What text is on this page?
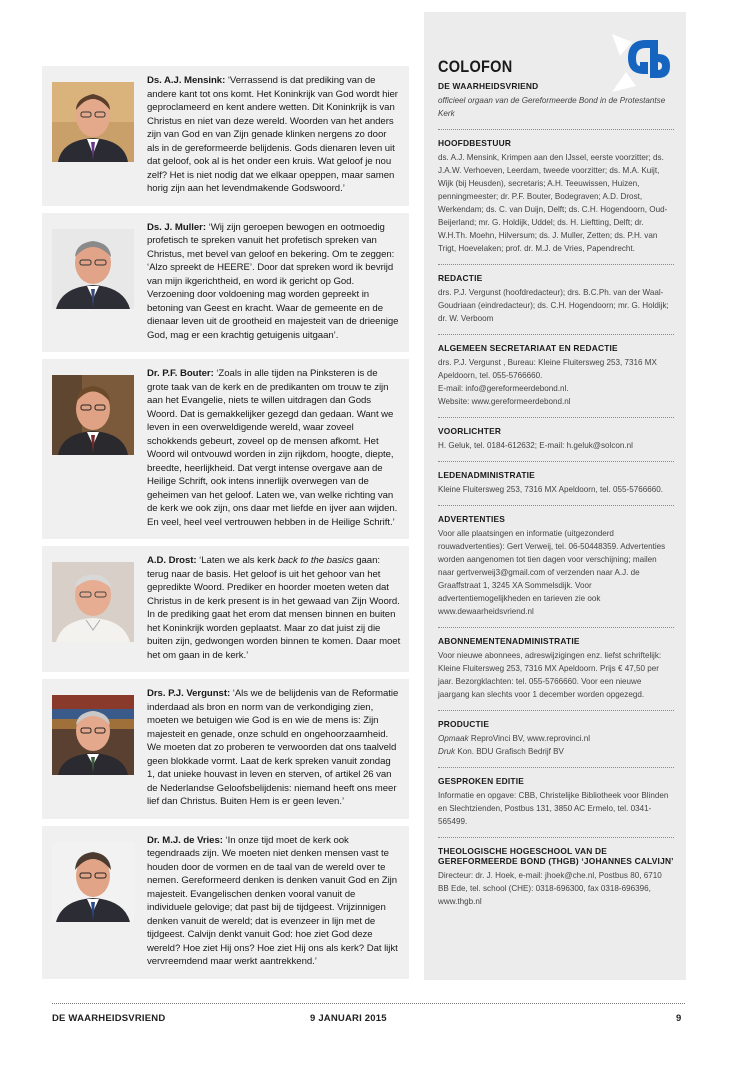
Ds. A.J. Mensink: ‘Verrassend is dat prediking van de andere kant tot ons komt. Het Koninkrijk van God wordt hier geproclameerd en kent andere wetten. Dit Koninkrijk is van Christus en niet van deze wereld. Woorden van het anders zijn van God en van Zijn genade klinken nergens zo door als in de gereformeerde belijdenis. Gods dienaren leven uit dat geloof, ook al is het onder een kruis. Wat geloof je nou zelf? Het is niet nodig dat we elkaar opeppen, maar samen horig zijn aan het levendmakende Godswoord.’
Ds. J. Muller: ‘Wij zijn geroepen bewogen en ootmoedig profetisch te spreken vanuit het profetisch spreken van Christus, met bevel van geloof en bekering. Om te zeggen: ‘Alzo spreekt de HEERE’. Door dat spreken word ik bevrijd van mijn ikgerichtheid, en word ik gericht op God. Verzoening door voldoening mag worden gepreekt in betoning van Geest en kracht. Waar de gemeente en de dienaar leven uit de grootheid en majesteit van de drieenige God, mag er een krachtig getuigenis uitgaan’.
Dr. P.F. Bouter: ‘Zoals in alle tijden na Pinksteren is de grote taak van de kerk en de predikanten om trouw te zijn aan het Evangelie, niets te willen uitdragen dan Gods Woord. Dat is gemakkelijker gezegd dan gedaan. Want we leven in een overweldigende wereld, waar zoveel schokkends gebeurt, zoveel op de mensen afkomt. Het Woord wil ontvouwd worden in zijn rijkdom, hoogte, diepte, breedte, heerlijkheid. Dat vergt intense overgave aan de Heilige Schrift, ook intens innerlijk overwegen van de geheimen van het geloof. Laten we, van welke richting van de kerk we ook zijn, ons daar met liefde en ijver aan wijden. En veel, heel veel vertrouwen hebben in de Heilige Schrift.’
A.D. Drost: ‘Laten we als kerk back to the basics gaan: terug naar de basis. Het geloof is uit het gehoor van het gepredikte Woord. Prediker en hoorder moeten weten dat Christus in de kerk present is in het gewaad van Zijn Woord. In de prediking gaat het erom dat mensen binnen en buiten het Koninkrijk worden geplaatst. Maar zo dat juist zij die buiten zijn, gedwongen worden binnen te komen. Daar moet het om gaan in de kerk.’
Drs. P.J. Vergunst: ‘Als we de belijdenis van de Reformatie inderdaad als bron en norm van de verkondiging zien, moeten we betuigen wie God is en wie de mens is: Zijn majesteit en genade, onze schuld en ongehoorzaamheid. We moeten dat zo proberen te verwoorden dat ons taalveld geen blokkade vormt. Laat de kerk spreken vanuit zondag 1, dat unieke houvast in leven en sterven, of artikel 26 van de Nederlandse Geloofsbelijdenis: niemand heeft ons meer lief dan Christus. Buiten Hem is er geen leven.’
Dr. M.J. de Vries: ‘In onze tijd moet de kerk ook tegendraads zijn. We moeten niet denken mensen vast te houden door de vormen en de taal van de wereld over te nemen. Gereformeerd denken is denken vanuit God en Zijn majesteit. Evangelischen denken vooral vanuit de individuele gelovige; dat past bij de tijdgeest. Vrijzinnigen denken vanuit de wereld; dat is evenzeer in lijn met de tijdgeest. Calvijn denkt vanuit God: hoe ziet God deze wereld? Hoe ziet Hij ons? Hoe ziet Hij ons als kerk? Dat lijkt vervreemdend maar werkt aantrekkend.’
COLOFON
DE WAARHEIDSVRIEND

officieel orgaan van de Gereformeerde Bond in de Protestantse Kerk

HOOFDBESTUUR

ds. A.J. Mensink, Krimpen aan den IJssel, eerste voorzitter; ds. J.A.W. Verhoeven, Leerdam, tweede voorzitter; ds. M.A. Kuijt, Wijk (bij Heusden), secretaris; A.H. Teeuwissen, Huizen, penningmeester; dr. P.F. Bouter, Bodegraven; A.D. Drost, Werkendam; ds. C. van Duijn, Delft; ds. C.H. Hogendoorn, Oud-Beijerland; mr. G. Holdijk, Uddel; ds. H. Lieftting, Delft; dr. W.H.Th. Moehn, Hilversum; ds. J. Muller, Zetten; ds. P.H. van Trigt, Hoevelaken; prof. dr. M.J. de Vries, Papendrecht.

REDACTIE

drs. P.J. Vergunst (hoofdredacteur); drs. B.C.Ph. van der Waal-Goudriaan (eindredacteur); ds. C.H. Hogendoorn; mr. G. Holdijk; dr. W. Verboom

ALGEMEEN SECRETARIAAT EN REDACTIE

drs. P.J. Vergunst , Bureau: Kleine Fluitersweg 253, 7316 MX Apeldoorn, tel. 055-5766660.

E-mail: info@gereformeerdebond.nl.

Website: www.gereformeerdebond.nl

VOORLICHTER

H. Geluk, tel. 0184-612632; E-mail: h.geluk@solcon.nl

LEDENADMINISTRATIE

Kleine Fluitersweg 253, 7316 MX Apeldoorn, tel. 055-5766660.

ADVERTENTIES

Voor alle plaatsingen en informatie (uitgezonderd rouwadvertenties): Gert Verweij, tel. 06-50448359. Advertenties worden aangenomen tot tien dagen voor verschijning; mailen naar gertverweij3@gmail.com of verzenden naar A.J. de Graaffstraat 1, 3245 XA Sommelsdijk. Voor advertentiemogelijkheden en tarieven zie ook www.dewaarheidsvriend.nl

ABONNEMENTENADMINISTRATIE

Voor nieuwe abonnees, adreswijzigingen enz. liefst schriftelijk: Kleine Fluitersweg 253, 7316 MX Apeldoorn. Prijs € 47,50 per jaar. Bezorgklachten: tel. 055-5766660. Voor een nieuwe jaargang kan slechts voor 1 december worden opgezegd.

PRODUCTIE

Opmaak ReproVinci BV, www.reprovinci.nl

Druk Kon. BDU Grafisch Bedrijf BV

GESPROKEN EDITIE

Informatie en opgave: CBB, Christelijke Bibliotheek voor Blinden en Slechtzienden, Postbus 131, 3850 AC Ermelo, tel. 0341-565499.

THEOLOGISCHE HOGESCHOOL VAN DE GEREFORMEERDE BOND (THGB) ‘JOHANNES CALVIJN’

Directeur: dr. J. Hoek, e-mail: jhoek@che.nl, Postbus 80, 6710 BB Ede, tel. school (CHE): 0318-696300, fax 0318-696396, www.thgb.nl

DE WAARHEIDSVRIEND	9 JANUARI 2015	9
